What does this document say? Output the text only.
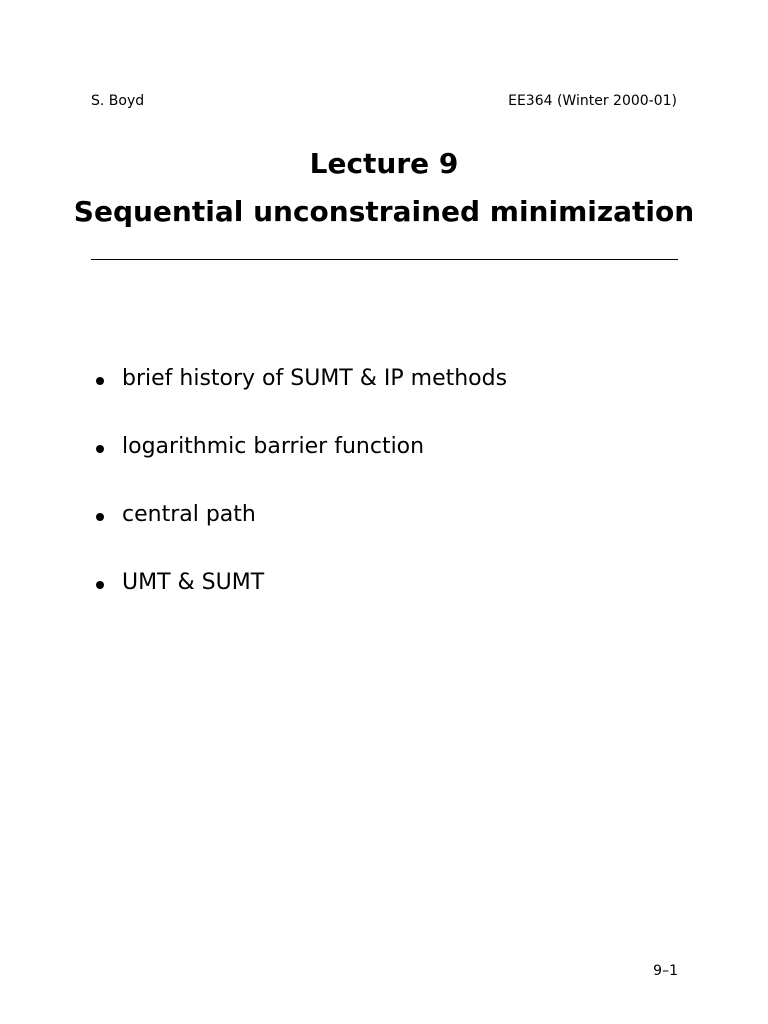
S. Boyd	EE364 (Winter 2000-01)
Lecture 9
Sequential unconstrained minimization
brief history of SUMT & IP methods
logarithmic barrier function
central path
UMT & SUMT
9–1
